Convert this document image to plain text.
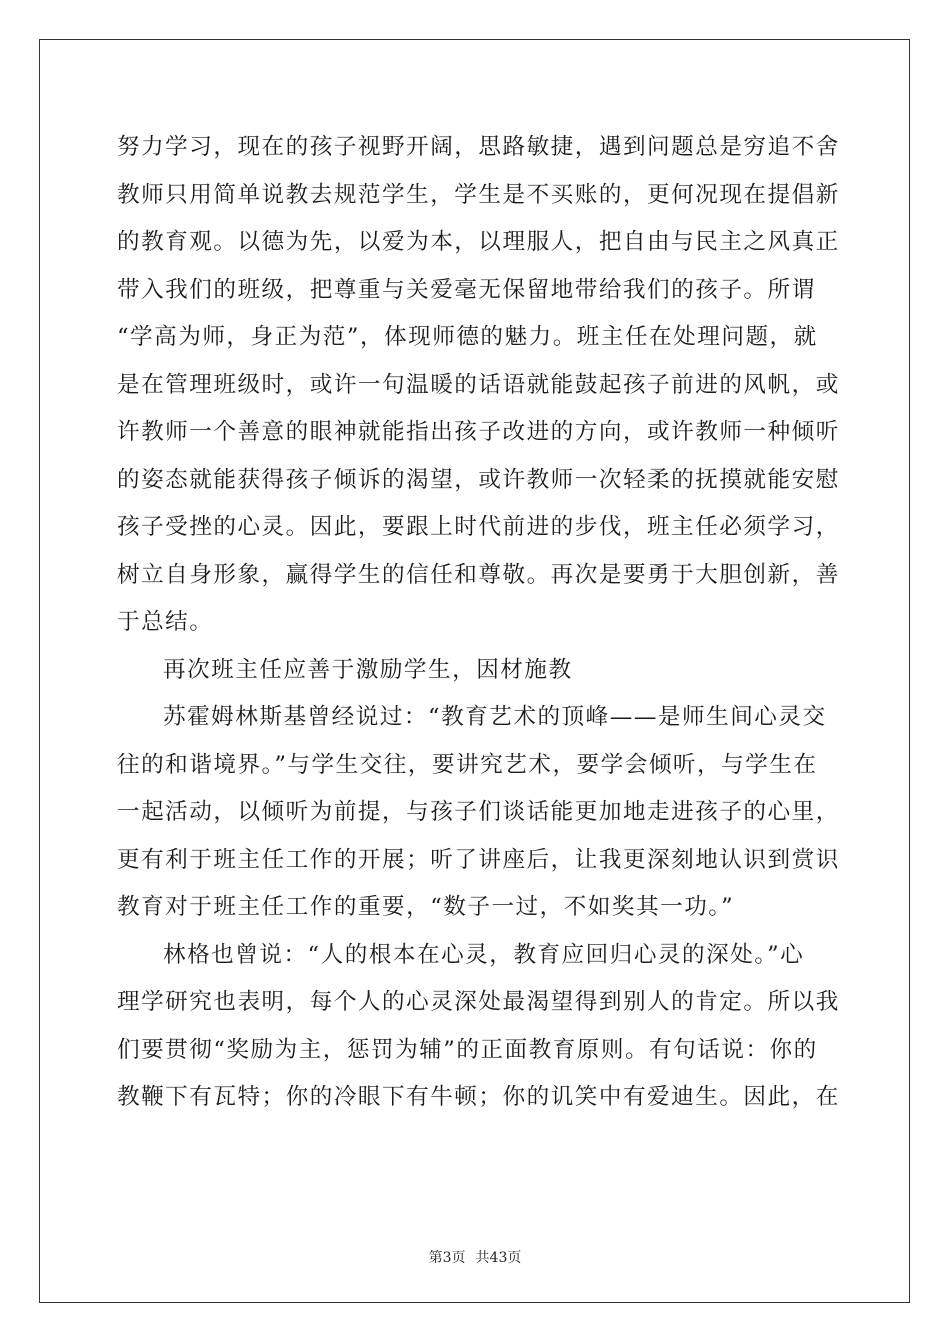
努力学习，现在的孩子视野开阔，思路敏捷，遇到问题总是穷追不舍
教师只用简单说教去规范学生，学生是不买账的，更何况现在提倡新
的教育观。以德为先，以爱为本，以理服人，把自由与民主之风真正
带入我们的班级，把尊重与关爱毫无保留地带给我们的孩子。所谓
“学高为师，身正为范”，体现师德的魅力。班主任在处理问题，就
是在管理班级时，或许一句温暖的话语就能鼓起孩子前进的风帆，或
许教师一个善意的眼神就能指出孩子改进的方向，或许教师一种倾听
的姿态就能获得孩子倾诉的渴望，或许教师一次轻柔的抚摸就能安慰
孩子受挫的心灵。因此，要跟上时代前进的步伐，班主任必须学习，
树立自身形象，赢得学生的信任和尊敬。再次是要勇于大胆创新，善
于总结。
再次班主任应善于激励学生，因材施教
苏霍姆林斯基曾经说过：“教育艺术的顶峰——是师生间心灵交
往的和谐境界。”与学生交往，要讲究艺术，要学会倾听，与学生在
一起活动，以倾听为前提，与孩子们谈话能更加地走进孩子的心里，
更有利于班主任工作的开展；听了讲座后，让我更深刻地认识到赏识
教育对于班主任工作的重要，“数子一过，不如奖其一功。”
林格也曾说：“人的根本在心灵，教育应回归心灵的深处。”心
理学研究也表明，每个人的心灵深处最渴望得到别人的肯定。所以我
们要贯彻“奖励为主，惩罚为辅”的正面教育原则。有句话说：你的
教鞭下有瓦特；你的冷眼下有牛顿；你的讥笑中有爱迪生。因此，在
第3页 共43页
